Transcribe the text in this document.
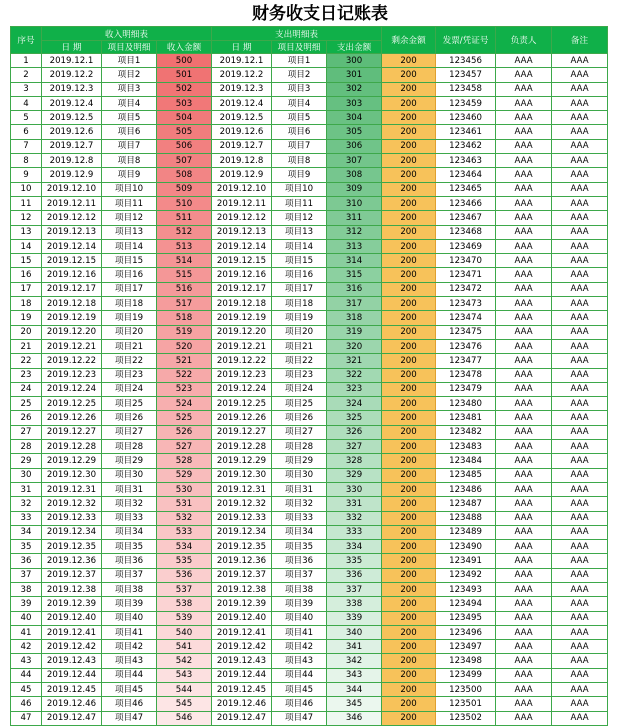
财务收支日记账表
序号	收入明细表			支出明细表			剩余金额	发票/凭证号	负责人	备注
	日 期	项目及明细	收入金额	日 期	项目及明细	支出金额				
1	2019.12.1	项目1	500	2019.12.1	项目1	300	200	123456	AAA	AAA
2	2019.12.2	项目2	501	2019.12.2	项目2	301	200	123457	AAA	AAA
3	2019.12.3	项目3	502	2019.12.3	项目3	302	200	123458	AAA	AAA
4	2019.12.4	项目4	503	2019.12.4	项目4	303	200	123459	AAA	AAA
5	2019.12.5	项目5	504	2019.12.5	项目5	304	200	123460	AAA	AAA
6	2019.12.6	项目6	505	2019.12.6	项目6	305	200	123461	AAA	AAA
7	2019.12.7	项目7	506	2019.12.7	项目7	306	200	123462	AAA	AAA
8	2019.12.8	项目8	507	2019.12.8	项目8	307	200	123463	AAA	AAA
9	2019.12.9	项目9	508	2019.12.9	项目9	308	200	123464	AAA	AAA
10	2019.12.10	项目10	509	2019.12.10	项目10	309	200	123465	AAA	AAA
11	2019.12.11	项目11	510	2019.12.11	项目11	310	200	123466	AAA	AAA
12	2019.12.12	项目12	511	2019.12.12	项目12	311	200	123467	AAA	AAA
13	2019.12.13	项目13	512	2019.12.13	项目13	312	200	123468	AAA	AAA
14	2019.12.14	项目14	513	2019.12.14	项目14	313	200	123469	AAA	AAA
15	2019.12.15	项目15	514	2019.12.15	项目15	314	200	123470	AAA	AAA
16	2019.12.16	项目16	515	2019.12.16	项目16	315	200	123471	AAA	AAA
17	2019.12.17	项目17	516	2019.12.17	项目17	316	200	123472	AAA	AAA
18	2019.12.18	项目18	517	2019.12.18	项目18	317	200	123473	AAA	AAA
19	2019.12.19	项目19	518	2019.12.19	项目19	318	200	123474	AAA	AAA
20	2019.12.20	项目20	519	2019.12.20	项目20	319	200	123475	AAA	AAA
21	2019.12.21	项目21	520	2019.12.21	项目21	320	200	123476	AAA	AAA
22	2019.12.22	项目22	521	2019.12.22	项目22	321	200	123477	AAA	AAA
23	2019.12.23	项目23	522	2019.12.23	项目23	322	200	123478	AAA	AAA
24	2019.12.24	项目24	523	2019.12.24	项目24	323	200	123479	AAA	AAA
25	2019.12.25	项目25	524	2019.12.25	项目25	324	200	123480	AAA	AAA
26	2019.12.26	项目26	525	2019.12.26	项目26	325	200	123481	AAA	AAA
27	2019.12.27	项目27	526	2019.12.27	项目27	326	200	123482	AAA	AAA
28	2019.12.28	项目28	527	2019.12.28	项目28	327	200	123483	AAA	AAA
29	2019.12.29	项目29	528	2019.12.29	项目29	328	200	123484	AAA	AAA
30	2019.12.30	项目30	529	2019.12.30	项目30	329	200	123485	AAA	AAA
31	2019.12.31	项目31	530	2019.12.31	项目31	330	200	123486	AAA	AAA
32	2019.12.32	项目32	531	2019.12.32	项目32	331	200	123487	AAA	AAA
33	2019.12.33	项目33	532	2019.12.33	项目33	332	200	123488	AAA	AAA
34	2019.12.34	项目34	533	2019.12.34	项目34	333	200	123489	AAA	AAA
35	2019.12.35	项目35	534	2019.12.35	项目35	334	200	123490	AAA	AAA
36	2019.12.36	项目36	535	2019.12.36	项目36	335	200	123491	AAA	AAA
37	2019.12.37	项目37	536	2019.12.37	项目37	336	200	123492	AAA	AAA
38	2019.12.38	项目38	537	2019.12.38	项目38	337	200	123493	AAA	AAA
39	2019.12.39	项目39	538	2019.12.39	项目39	338	200	123494	AAA	AAA
40	2019.12.40	项目40	539	2019.12.40	项目40	339	200	123495	AAA	AAA
41	2019.12.41	项目41	540	2019.12.41	项目41	340	200	123496	AAA	AAA
42	2019.12.42	项目42	541	2019.12.42	项目42	341	200	123497	AAA	AAA
43	2019.12.43	项目43	542	2019.12.43	项目43	342	200	123498	AAA	AAA
44	2019.12.44	项目44	543	2019.12.44	项目44	343	200	123499	AAA	AAA
45	2019.12.45	项目45	544	2019.12.45	项目45	344	200	123500	AAA	AAA
46	2019.12.46	项目46	545	2019.12.46	项目46	345	200	123501	AAA	AAA
47	2019.12.47	项目47	546	2019.12.47	项目47	346	200	123502	AAA	AAA
